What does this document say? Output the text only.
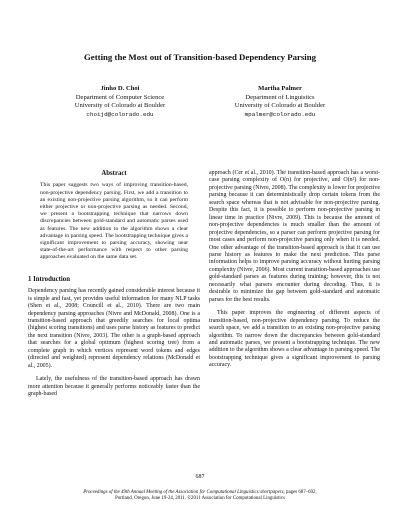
Getting the Most out of Transition-based Dependency Parsing
Jinho D. Choi
Department of Computer Science
University of Colorado at Boulder
choijd@colorado.edu
Martha Palmer
Department of Linguistics
University of Colorado at Boulder
mpalmer@colorado.edu
Abstract

This paper suggests two ways of improving transition-based, non-projective dependency parsing. First, we add a transition to an existing non-projective parsing algorithm, so it can perform either projective or non-projective parsing as needed. Second, we present a bootstrapping technique that narrows down discrepancies between gold-standard and automatic parses used as features. The new addition to the algorithm shows a clear advantage in parsing speed. The bootstrapping technique gives a significant improvement to parsing accuracy, showing near state-of-the-art performance with respect to other parsing approaches evaluated on the same data set.

1 Introduction

Dependency parsing has recently gained considerable interest because it is simple and fast, yet provides useful information for many NLP tasks (Shen et al., 2008; Councill et al., 2010). There are two main dependency parsing approaches (Nivre and McDonald, 2008). One is a transition-based approach that greedily searches for local optima (highest scoring transitions) and uses parse history as features to predict the next transition (Nivre, 2003). The other is a graph-based approach that searches for a global optimum (highest scoring tree) from a complete graph in which vertices represent word tokens and edges (directed and weighted) represent dependency relations (McDonald et al., 2005).

Lately, the usefulness of the transition-based approach has drawn more attention because it generally performs noticeably faster than the graph-based

approach (Cer et al., 2010). The transition-based approach has a worst-case parsing complexity of O(n) for projective, and O(n²) for non-projective parsing (Nivre, 2008). The complexity is lower for projective parsing because it can deterministically drop certain tokens from the search space whereas that is not advisable for non-projective parsing. Despite this fact, it is possible to perform non-projective parsing in linear time in practice (Nivre, 2009). This is because the amount of non-projective dependencies is much smaller than the amount of projective dependencies, so a parser can perform projective parsing for most cases and perform non-projective parsing only when it is needed. One other advantage of the transition-based approach is that it can use parse history as features to make the next prediction. This parse information helps to improve parsing accuracy without hurting parsing complexity (Nivre, 2006). Most current transition-based approaches use gold-standard parses as features during training; however, this is not necessarily what parsers encounter during decoding. Thus, it is desirable to minimize the gap between gold-standard and automatic parses for the best results.

This paper improves the engineering of different aspects of transition-based, non-projective dependency parsing. To reduce the search space, we add a transition to an existing non-projective parsing algorithm. To narrow down the discrepancies between gold-standard and automatic parses, we present a bootstrapping technique. The new addition to the algorithm shows a clear advantage in parsing speed. The bootstrapping technique gives a significant improvement to parsing accuracy.

687
Proceedings of the 49th Annual Meeting of the Association for Computational Linguistics:shortpapers, pages 687–692,
Portland, Oregon, June 19-24, 2011. ©2011 Association for Computational Linguistics
